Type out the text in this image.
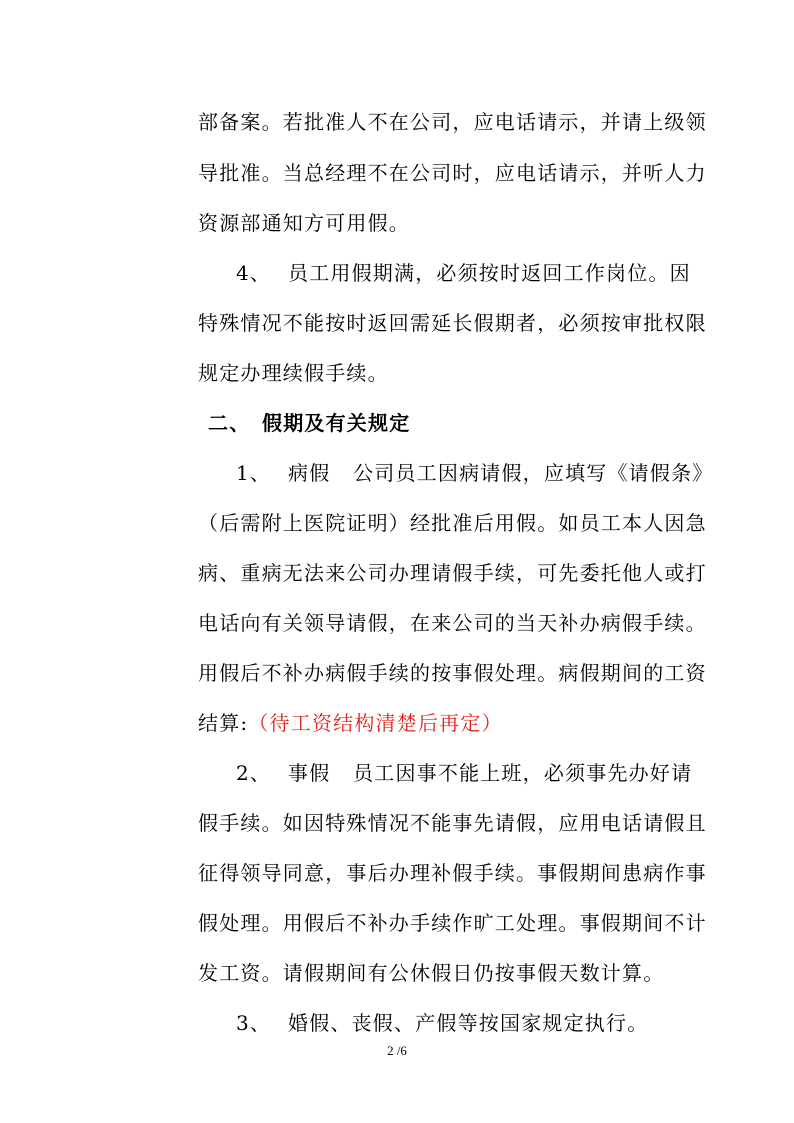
部备案。若批准人不在公司，应电话请示，并请上级领
导批准。当总经理不在公司时，应电话请示，并听人力
资源部通知方可用假。
4、 员工用假期满，必须按时返回工作岗位。因
特殊情况不能按时返回需延长假期者，必须按审批权限
规定办理续假手续。
二、 假期及有关规定
1、 病假   公司员工因病请假，应填写《请假条》
（后需附上医院证明）经批准后用假。如员工本人因急
病、重病无法来公司办理请假手续，可先委托他人或打
电话向有关领导请假，在来公司的当天补办病假手续。
用假后不补办病假手续的按事假处理。病假期间的工资
结算:（待工资结构清楚后再定）
2、 事假   员工因事不能上班，必须事先办好请
假手续。如因特殊情况不能事先请假，应用电话请假且
征得领导同意，事后办理补假手续。事假期间患病作事
假处理。用假后不补办手续作旷工处理。事假期间不计
发工资。请假期间有公休假日仍按事假天数计算。
3、 婚假、丧假、产假等按国家规定执行。
2 /6
